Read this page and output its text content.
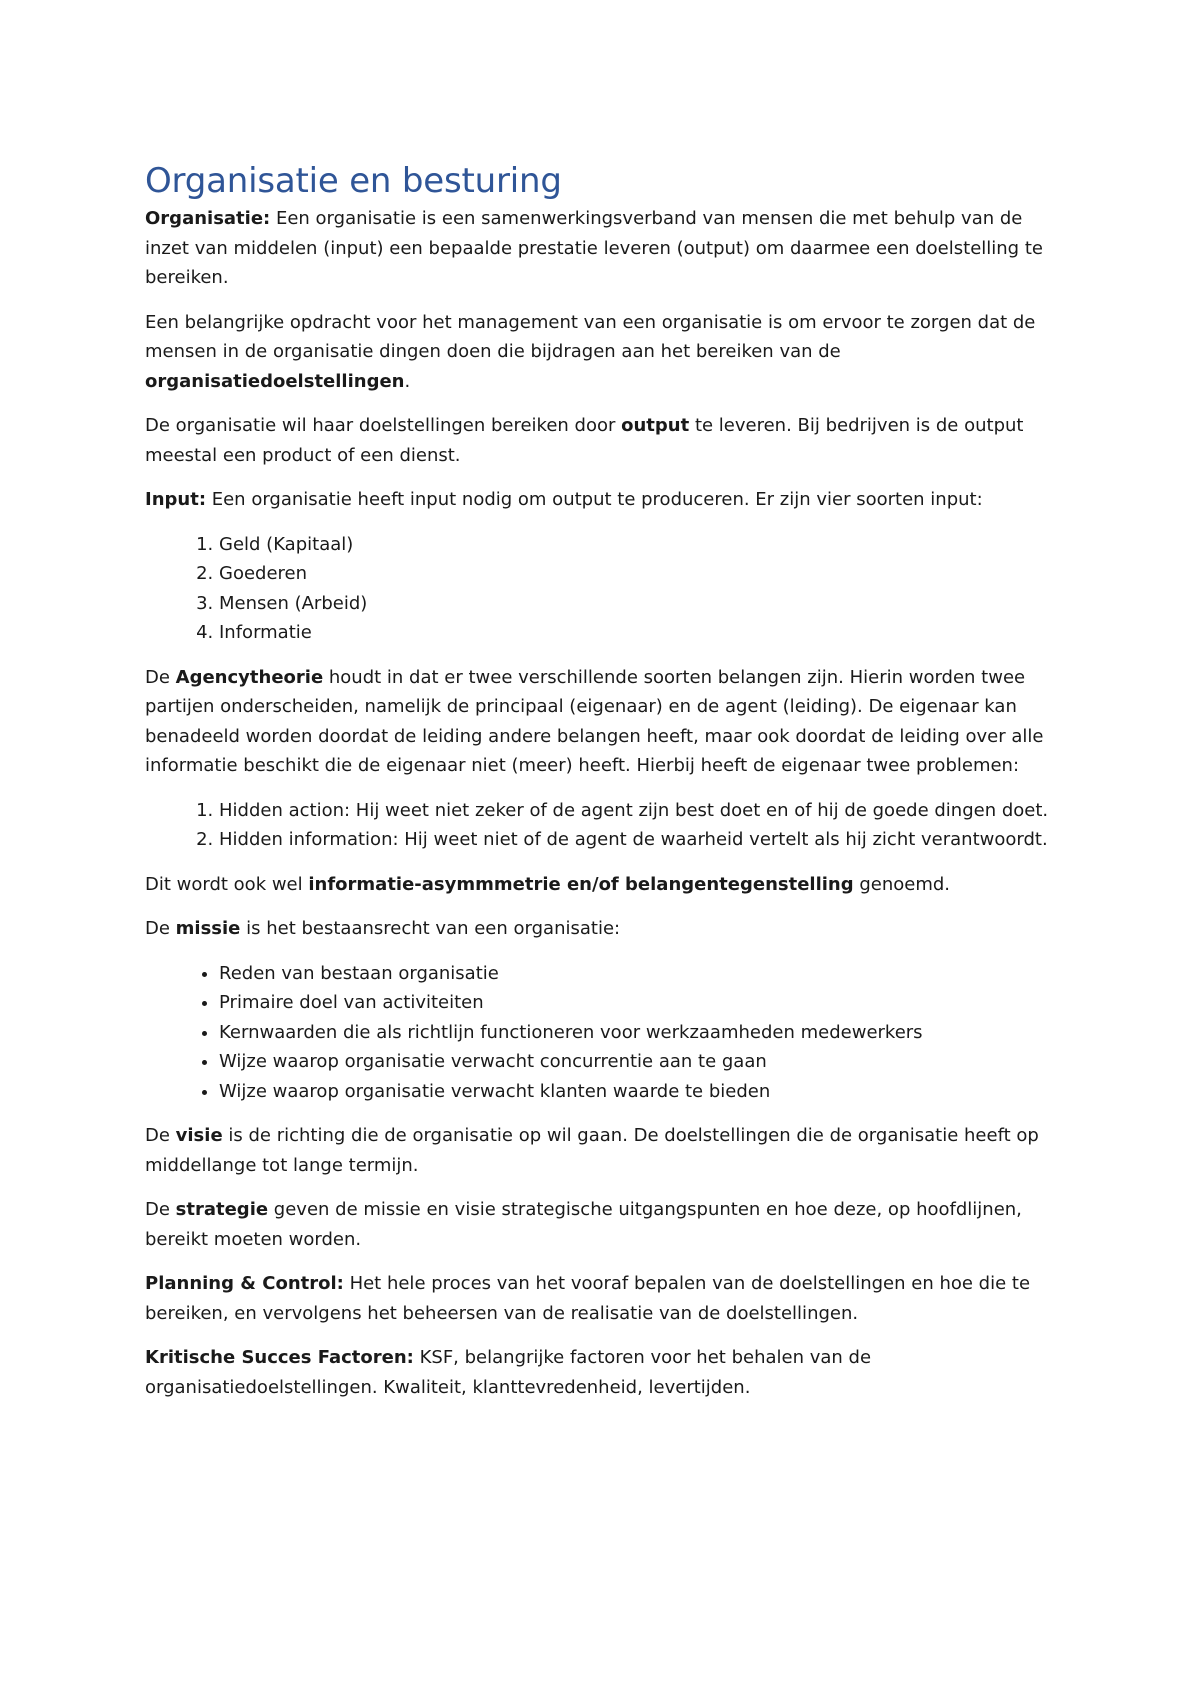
Organisatie en besturing

Organisatie: Een organisatie is een samenwerkingsverband van mensen die met behulp van de inzet van middelen (input) een bepaalde prestatie leveren (output) om daarmee een doelstelling te bereiken.

Een belangrijke opdracht voor het management van een organisatie is om ervoor te zorgen dat de mensen in de organisatie dingen doen die bijdragen aan het bereiken van de organisatiedoelstellingen.

De organisatie wil haar doelstellingen bereiken door output te leveren. Bij bedrijven is de output meestal een product of een dienst.

Input: Een organisatie heeft input nodig om output te produceren. Er zijn vier soorten input:

1. Geld (Kapitaal)
2. Goederen
3. Mensen (Arbeid)
4. Informatie

De Agencytheorie houdt in dat er twee verschillende soorten belangen zijn. Hierin worden twee partijen onderscheiden, namelijk de principaal (eigenaar) en de agent (leiding). De eigenaar kan benadeeld worden doordat de leiding andere belangen heeft, maar ook doordat de leiding over alle informatie beschikt die de eigenaar niet (meer) heeft. Hierbij heeft de eigenaar twee problemen:

1. Hidden action: Hij weet niet zeker of de agent zijn best doet en of hij de goede dingen doet.
2. Hidden information: Hij weet niet of de agent de waarheid vertelt als hij zicht verantwoordt.

Dit wordt ook wel informatie-asymmmetrie en/of belangentegenstelling genoemd.

De missie is het bestaansrecht van een organisatie:

• Reden van bestaan organisatie
• Primaire doel van activiteiten
• Kernwaarden die als richtlijn functioneren voor werkzaamheden medewerkers
• Wijze waarop organisatie verwacht concurrentie aan te gaan
• Wijze waarop organisatie verwacht klanten waarde te bieden

De visie is de richting die de organisatie op wil gaan. De doelstellingen die de organisatie heeft op middellange tot lange termijn.

De strategie geven de missie en visie strategische uitgangspunten en hoe deze, op hoofdlijnen, bereikt moeten worden.

Planning & Control: Het hele proces van het vooraf bepalen van de doelstellingen en hoe die te bereiken, en vervolgens het beheersen van de realisatie van de doelstellingen.

Kritische Succes Factoren: KSF, belangrijke factoren voor het behalen van de organisatiedoelstellingen. Kwaliteit, klanttevredenheid, levertijden.
